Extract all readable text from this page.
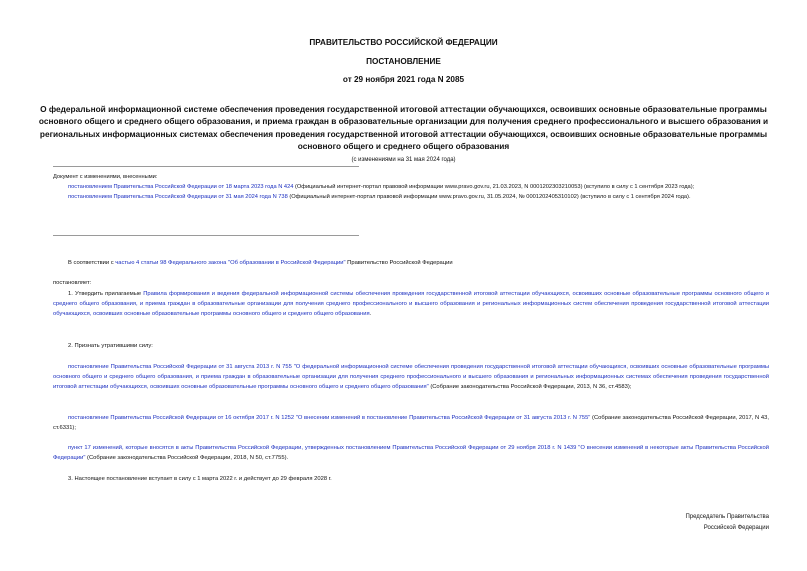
ПРАВИТЕЛЬСТВО РОССИЙСКОЙ ФЕДЕРАЦИИ
ПОСТАНОВЛЕНИЕ
от 29 ноября 2021 года N 2085
О федеральной информационной системе обеспечения проведения государственной итоговой аттестации обучающихся, освоивших основные образовательные программы основного общего и среднего общего образования, и приема граждан в образовательные организации для получения среднего профессионального и высшего образования и региональных информационных системах обеспечения проведения государственной итоговой аттестации обучающихся, освоивших основные образовательные программы основного общего и среднего общего образования
(с изменениями на 31 мая 2024 года)

Документ с изменениями, внесенными:

постановлением Правительства Российской Федерации от 18 марта 2023 года N 424 (Официальный интернет-портал правовой информации www.pravo.gov.ru, 21.03.2023, N 0001202303210053) (вступило в силу с 1 сентября 2023 года);

постановлением Правительства Российской Федерации от 31 мая 2024 года N 738 (Официальный интернет-портал правовой информации www.pravo.gov.ru, 31.05.2024, № 0001202405310102) (вступило в силу с 1 сентября 2024 года).

В соответствии с частью 4 статьи 98 Федерального закона "Об образовании в Российской Федерации" Правительство Российской Федерации

постановляет:

1. Утвердить прилагаемые Правила формирования и ведения федеральной информационной системы обеспечения проведения государственной итоговой аттестации обучающихся, освоивших основные образовательные программы основного общего и среднего общего образования, и приема граждан в образовательные организации для получения среднего профессионального и высшего образования и региональных информационных систем обеспечения проведения государственной итоговой аттестации обучающихся, освоивших основные образовательные программы основного общего и среднего общего образования.

2. Признать утратившими силу:

постановление Правительства Российской Федерации от 31 августа 2013 г. N 755 "О федеральной информационной системе обеспечения проведения государственной итоговой аттестации обучающихся, освоивших основные образовательные программы основного общего и среднего общего образования, и приема граждан в образовательные организации для получения среднего профессионального и высшего образования и региональных информационных системах обеспечения проведения государственной итоговой аттестации обучающихся, освоивших основные образовательные программы основного общего и среднего общего образования" (Собрание законодательства Российской Федерации, 2013, N 36, ст.4583);

постановление Правительства Российской Федерации от 16 октября 2017 г. N 1252 "О внесении изменений в постановление Правительства Российской Федерации от 31 августа 2013 г. N 755" (Собрание законодательства Российской Федерации, 2017, N 43, ст.6331);

пункт 17 изменений, которые вносятся в акты Правительства Российской Федерации, утвержденных постановлением Правительства Российской Федерации от 29 ноября 2018 г. N 1439 "О внесении изменений в некоторые акты Правительства Российской Федерации" (Собрание законодательства Российской Федерации, 2018, N 50, ст.7755).

3. Настоящее постановление вступает в силу с 1 марта 2022 г. и действует до 29 февраля 2028 г.
Председатель Правительства
Российской Федерации
